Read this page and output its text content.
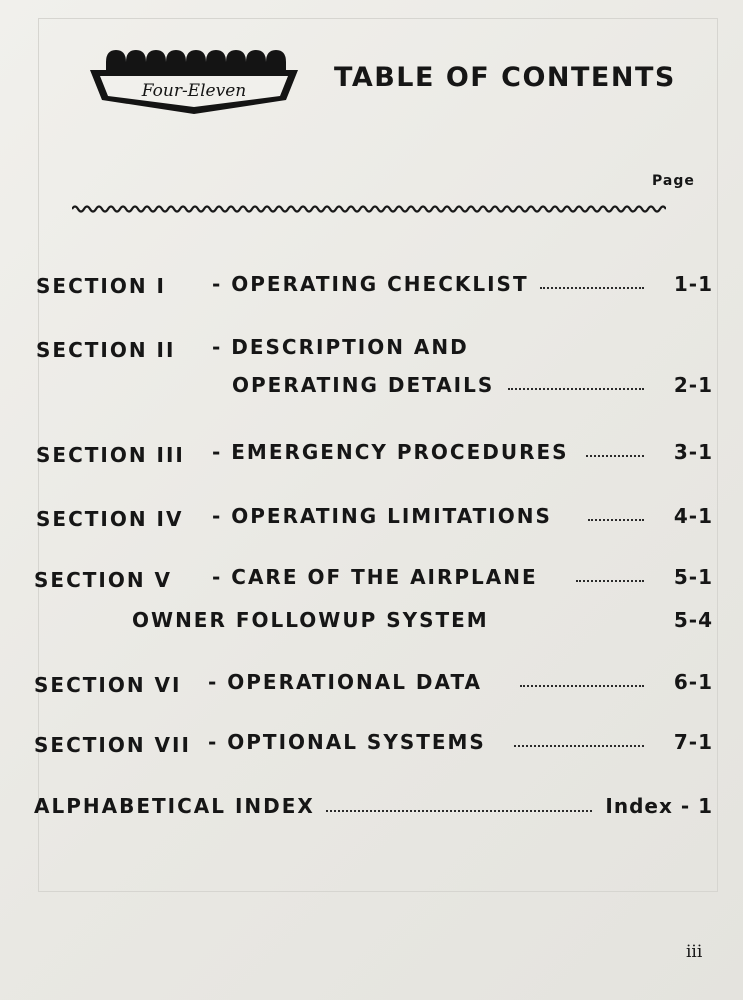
Four-Eleven	TABLE OF CONTENTS
Page
SECTION I - OPERATING CHECKLIST	1-1
SECTION II - DESCRIPTION AND
OPERATING DETAILS	2-1
SECTION III - EMERGENCY PROCEDURES	3-1
SECTION IV - OPERATING LIMITATIONS	4-1
SECTION V - CARE OF THE AIRPLANE	5-1
OWNER FOLLOWUP SYSTEM	5-4
SECTION VI - OPERATIONAL DATA	6-1
SECTION VII - OPTIONAL SYSTEMS	7-1
ALPHABETICAL INDEX	Index - 1
iii
